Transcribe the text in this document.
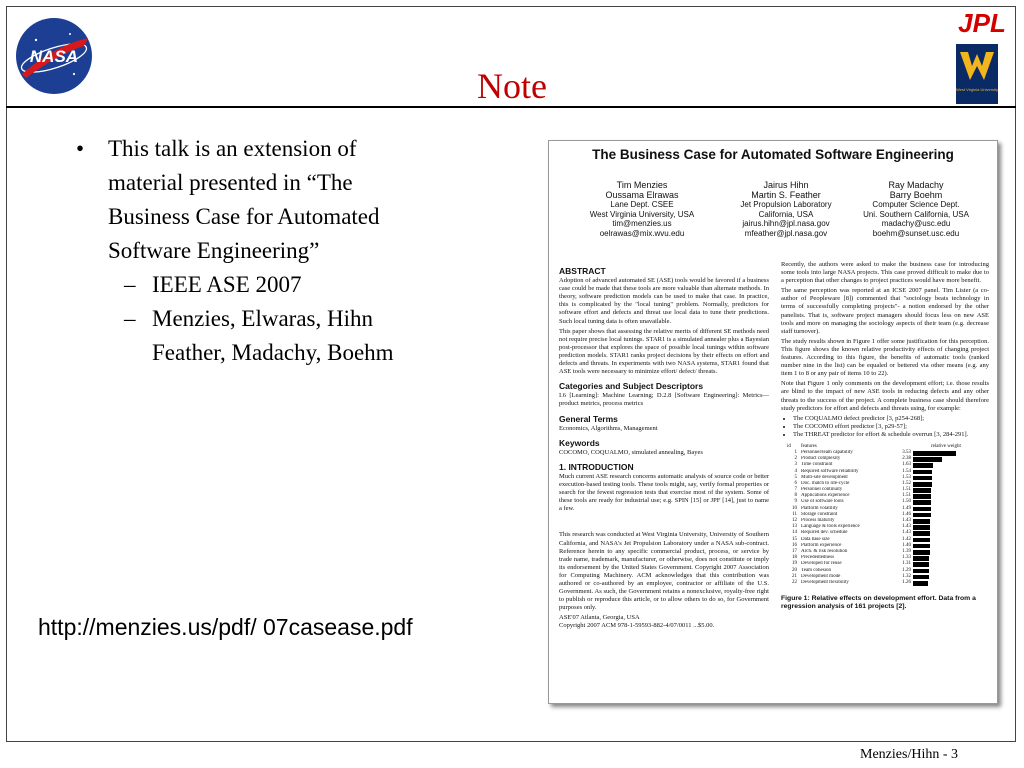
NASA
JPL
West Virginia University
Note
• This talk is an extension of
material presented in “The
Business Case for Automated
Software Engineering”
– IEEE ASE 2007
– Menzies, Elwaras, Hihn
Feather, Madachy, Boehm
http://menzies.us/pdf/ 07casease.pdf
The Business Case for Automated Software Engineering
Tim Menzies
Oussama Elrawas
Lane Dept. CSEE
West Virginia University, USA
tim@menzies.us
oelrawas@mix.wvu.edu
Jairus Hihn
Martin S. Feather
Jet Propulsion Laboratory
California, USA
jairus.hihn@jpl.nasa.gov
mfeather@jpl.nasa.gov
Ray Madachy
Barry Boehm
Computer Science Dept.
Uni. Southern California, USA
madachy@usc.edu
boehm@sunset.usc.edu
ABSTRACT

Adoption of advanced automated SE (ASE) tools would be favored if a business case could be made that these tools are more valuable than alternate methods. In theory, software prediction models can be used to make that case. In practice, this is complicated by the "local tuning" problem. Normally, predictors for software effort and defects and threat use local data to tune their predictions. Such local tuning data is often unavailable.

This paper shows that assessing the relative merits of different SE methods need not require precise local tunings. STAR1 is a simulated annealer plus a Bayesian post-processor that explores the space of possible local tunings within software prediction models. STAR1 ranks project decisions by their effects on effort and defects and threats. In experiments with two NASA systems, STAR1 found that ASE tools were necessary to minimize effort/ defect/ threats.

Categories and Subject Descriptors

I.6 [Learning]: Machine Learning; D.2.8 [Software Engineering]: Metrics—product metrics, process metrics

General Terms

Economics, Algorithms, Management

Keywords

COCOMO, COQUALMO, simulated annealing, Bayes

1. INTRODUCTION

Much current ASE research concerns automatic analysis of source code or better execution-based testing tools. These tools might, say, verify formal properties or search for the fewest regression tests that exercise most of the system. Some of these tools are ready for industrial use; e.g. SPIN [15] or JPF [14], just to name a few.

This research was conducted at West Virginia University, University of Southern California, and NASA's Jet Propulsion Laboratory under a NASA sub-contract. Reference herein to any specific commercial product, process, or service by trade name, trademark, manufacturer, or otherwise, does not constitute or imply its endorsement by the United States Government. Copyright 2007 Association for Computing Machinery. ACM acknowledges that this contribution was authored or co-authored by an employee, contractor or affiliate of the U.S. Government. As such, the Government retains a nonexclusive, royalty-free right to publish or reproduce this article, or to allow others to do so, for Government purposes only.

ASE'07 Atlanta, Georgia, USA
Copyright 2007 ACM 978-1-59593-882-4/07/0011 ...$5.00.

Recently, the authors were asked to make the business case for introducing some tools into large NASA projects. This case proved difficult to make due to a perception that other changes to project practices would have more benefit.

The same perception was reported at an ICSE 2007 panel. Tim Lister (a co-author of Peopleware [8]) commented that "sociology beats technology in terms of successfully completing projects"- a notion endorsed by the other panelists. That is, software project managers should focus less on new ASE tools and more on managing the sociology aspects of their team (e.g. decrease staff turnover).

The study results shown in Figure 1 offer some justification for this perception. This figure shows the known relative productivity effects of changing project features. According to this figure, the benefits of automatic tools (ranked number nine in the list) can be equaled or bettered via other means (e.g. any item 1 to 8 or any pair of items 10 to 22).

Note that Figure 1 only comments on the development effort; i.e. those results are blind to the impact of new ASE tools in reducing defects and any other threats to the success of the project. A complete business case should therefore study predictors for effort and defects and threats using, for example:

• The COQUALMO defect predictor [3, p254-268];
• The COCOMO effort predictor [3, p29-57];
• The THREAT predictor for effort & schedule overrun [3, 284-291].
id features	relative weight
1 Personnel/team capability	3.53
2 Product complexity	2.38
3 Time constraint	1.63
4 Required software reliability	1.54
5 Multi-site development	1.53
6 Doc. match to life-cycle	1.52
7 Personnel continuity	1.51
8 Applications experience	1.51
9 Use of software tools	1.50
10 Platform volatility	1.49
11 Storage constraint	1.46
12 Process maturity	1.43
13 Language & tools experience	1.43
14 Required dev. schedule	1.43
15 Data base size	1.42
16 Platform experience	1.40
17 Arch. & risk resolution	1.39
18 Precedentedness	1.33
19 Developed for reuse	1.31
20 Team cohesion	1.29
21 Development mode	1.32
22 Development flexibility	1.26
Figure 1: Relative effects on development effort. Data from a regression analysis of 161 projects [2].
Menzies/Hihn - 3
